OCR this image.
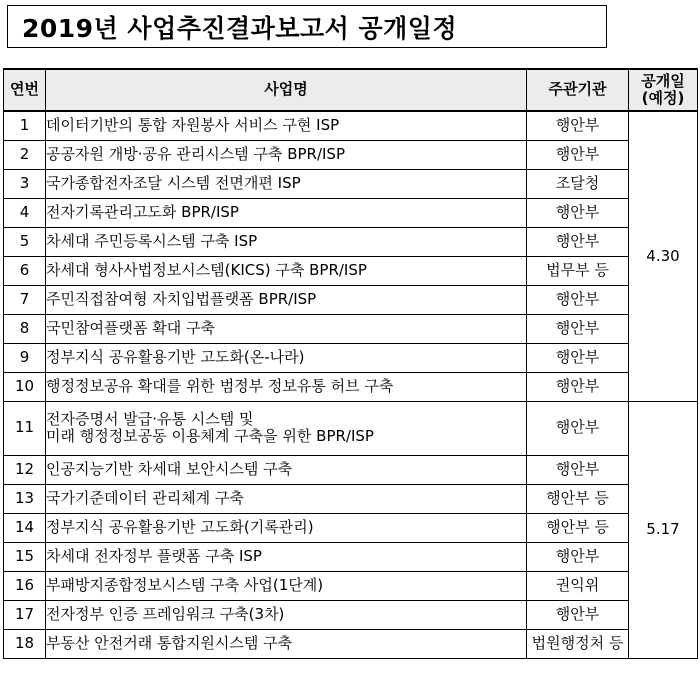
2019년 사업추진결과보고서 공개일정
연번	사업명	주관기관	공개일
(예정)

1	데이터기반의 통합 자원봉사 서비스 구현 ISP	행안부	4.30
2	공공자원 개방·공유 관리시스템 구축 BPR/ISP	행안부	
3	국가종합전자조달 시스템 전면개편 ISP	조달청	
4	전자기록관리고도화 BPR/ISP	행안부	
5	차세대 주민등록시스템 구축 ISP	행안부	
6	차세대 형사사법정보시스템(KICS) 구축 BPR/ISP	법무부 등	
7	주민직접참여형 자치입법플랫폼 BPR/ISP	행안부	
8	국민참여플랫폼 확대 구축	행안부	
9	정부지식 공유활용기반 고도화(온-나라)	행안부	
10	행정정보공유 확대를 위한 범정부 정보유통 허브 구축	행안부	
11	전자증명서 발급·유통 시스템 및
미래 행정정보공동 이용체계 구축을 위한 BPR/ISP	행안부	5.17
12	인공지능기반 차세대 보안시스템 구축	행안부	
13	국가기준데이터 관리체계 구축	행안부 등	
14	정부지식 공유활용기반 고도화(기록관리)	행안부 등	
15	차세대 전자정부 플랫폼 구축 ISP	행안부	
16	부패방지종합정보시스템 구축 사업(1단계)	권익위	
17	전자정부 인증 프레임워크 구축(3차)	행안부	
18	부동산 안전거래 통합지원시스템 구축	법원행정처 등	
